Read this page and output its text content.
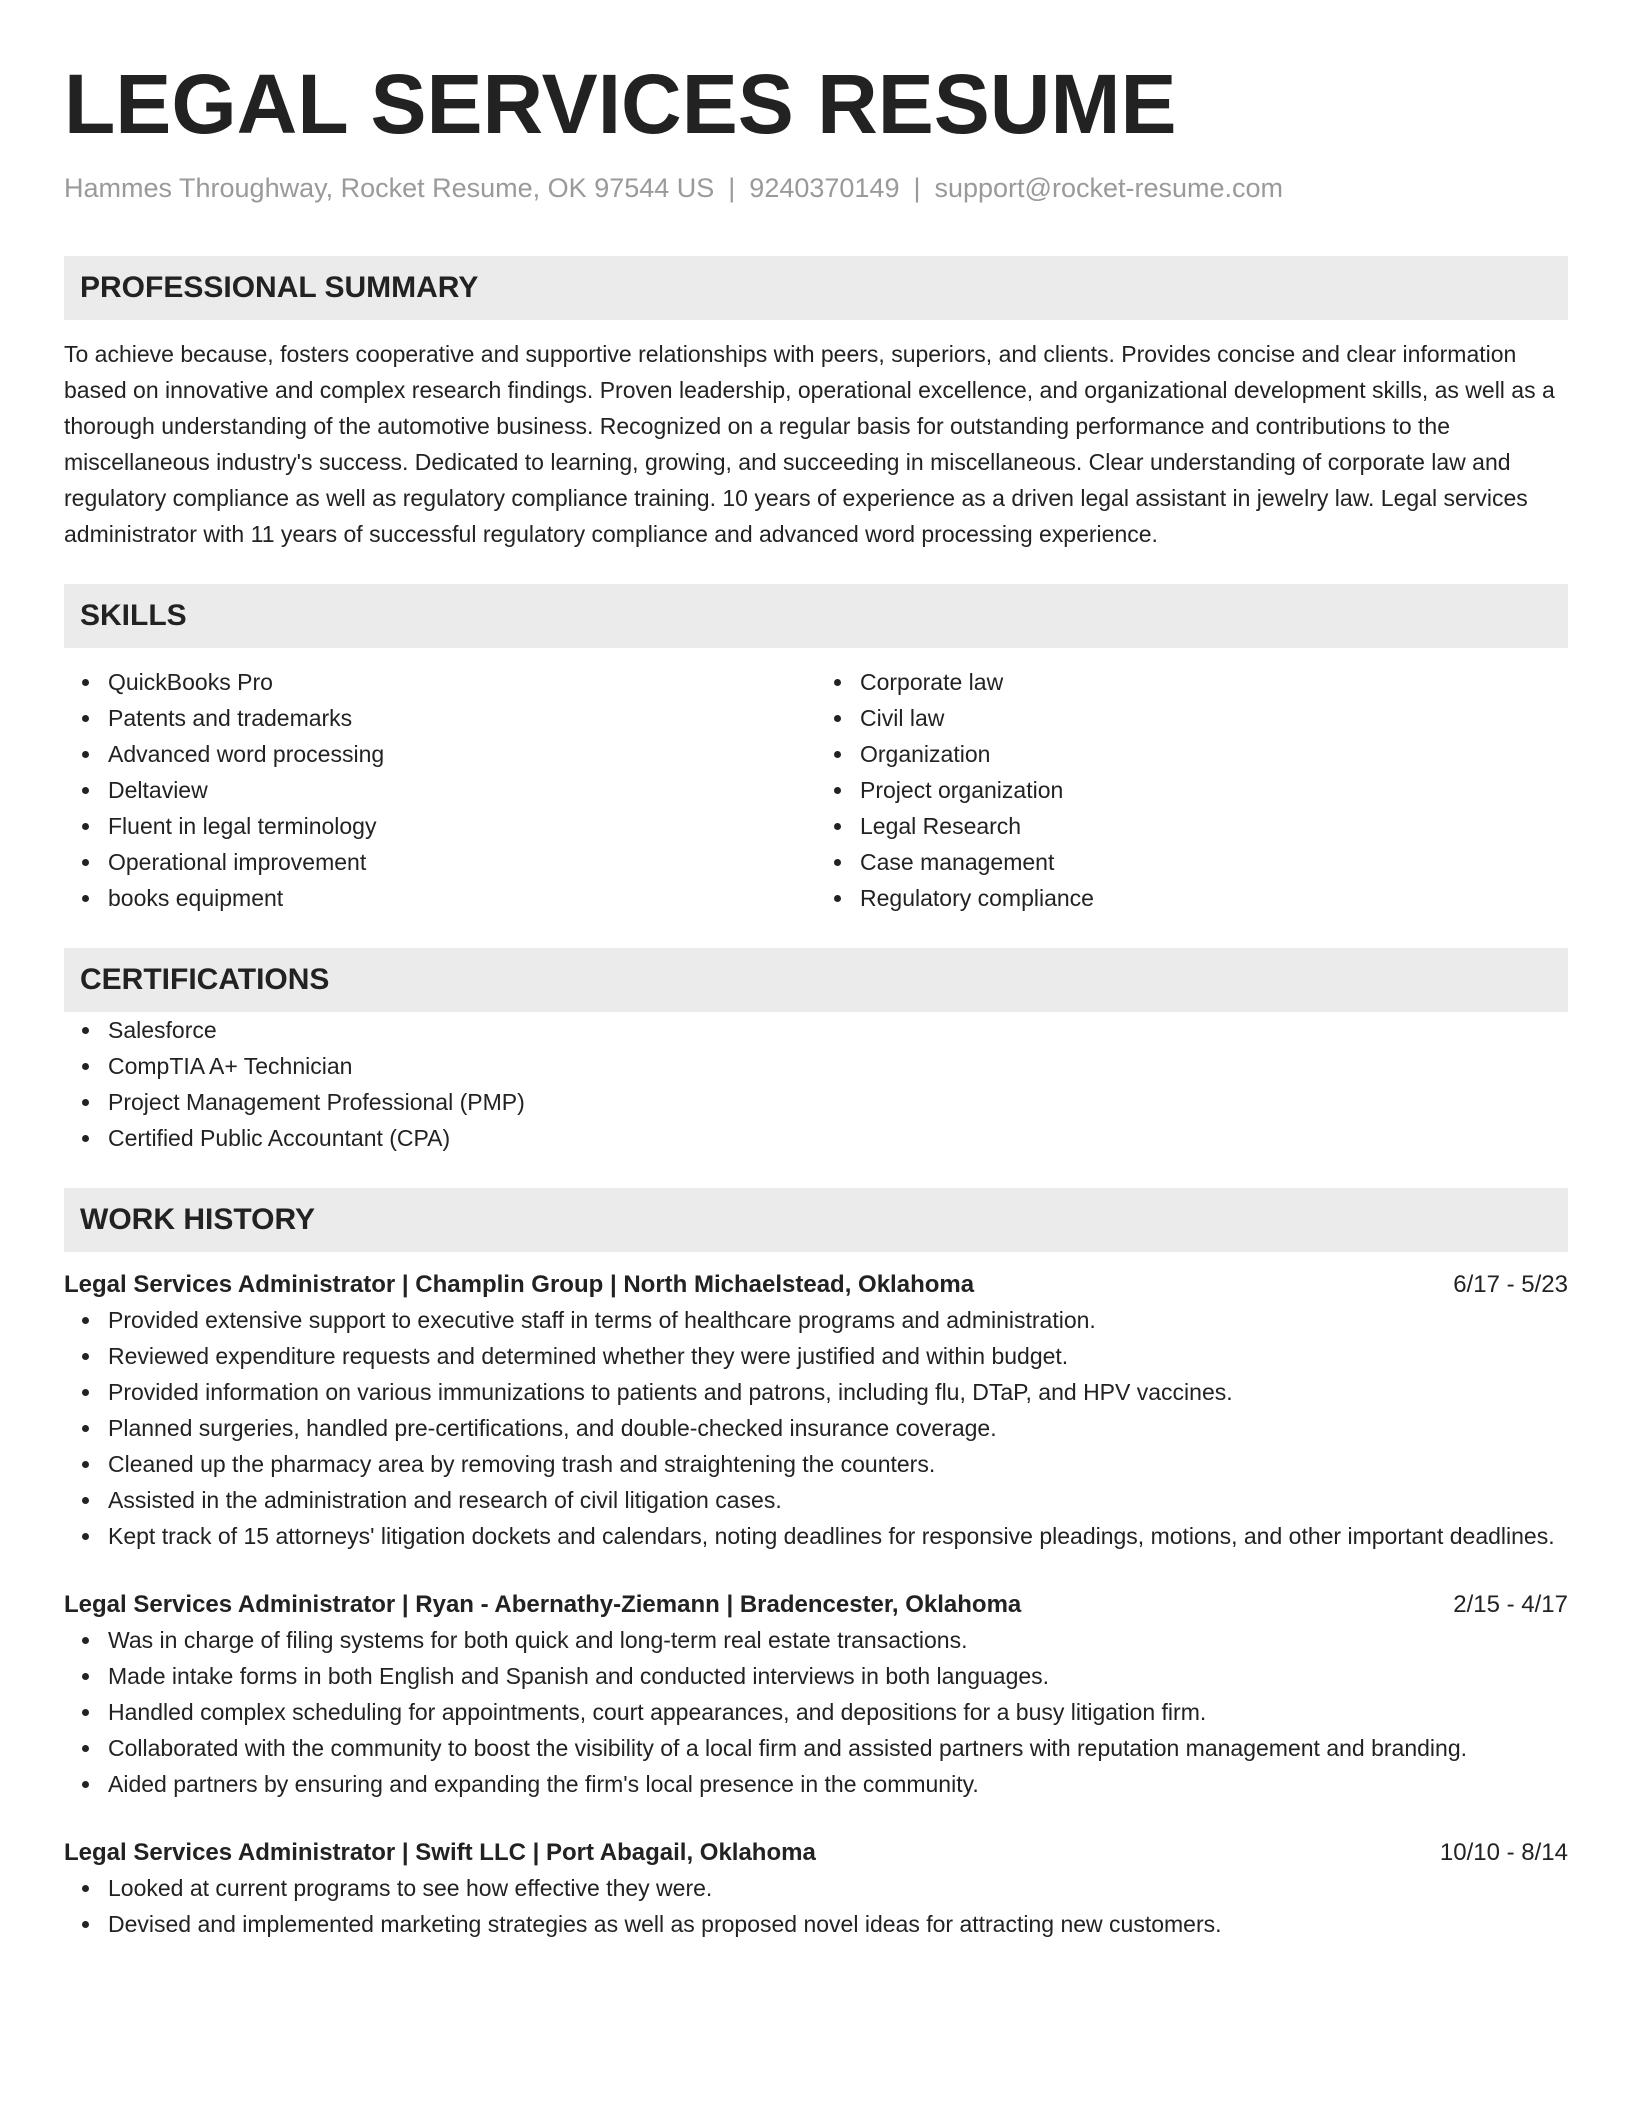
LEGAL SERVICES RESUME
Hammes Throughway, Rocket Resume, OK 97544 US | 9240370149 | support@rocket-resume.com
PROFESSIONAL SUMMARY

To achieve because, fosters cooperative and supportive relationships with peers, superiors, and clients. Provides concise and clear information based on innovative and complex research findings. Proven leadership, operational excellence, and organizational development skills, as well as a thorough understanding of the automotive business. Recognized on a regular basis for outstanding performance and contributions to the miscellaneous industry's success. Dedicated to learning, growing, and succeeding in miscellaneous. Clear understanding of corporate law and regulatory compliance as well as regulatory compliance training. 10 years of experience as a driven legal assistant in jewelry law. Legal services administrator with 11 years of successful regulatory compliance and advanced word processing experience.

SKILLS
QuickBooks Pro
Patents and trademarks
Advanced word processing
Deltaview
Fluent in legal terminology
Operational improvement
books equipment
Corporate law
Civil law
Organization
Project organization
Legal Research
Case management
Regulatory compliance
CERTIFICATIONS
Salesforce
CompTIA A+ Technician
Project Management Professional (PMP)
Certified Public Accountant (CPA)
WORK HISTORY
Legal Services Administrator | Champlin Group | North Michaelstead, Oklahoma	6/17 - 5/23
Provided extensive support to executive staff in terms of healthcare programs and administration.
Reviewed expenditure requests and determined whether they were justified and within budget.
Provided information on various immunizations to patients and patrons, including flu, DTaP, and HPV vaccines.
Planned surgeries, handled pre-certifications, and double-checked insurance coverage.
Cleaned up the pharmacy area by removing trash and straightening the counters.
Assisted in the administration and research of civil litigation cases.
Kept track of 15 attorneys' litigation dockets and calendars, noting deadlines for responsive pleadings, motions, and other important deadlines.
Legal Services Administrator | Ryan - Abernathy-Ziemann | Bradencester, Oklahoma	2/15 - 4/17
Was in charge of filing systems for both quick and long-term real estate transactions.
Made intake forms in both English and Spanish and conducted interviews in both languages.
Handled complex scheduling for appointments, court appearances, and depositions for a busy litigation firm.
Collaborated with the community to boost the visibility of a local firm and assisted partners with reputation management and branding.
Aided partners by ensuring and expanding the firm's local presence in the community.
Legal Services Administrator | Swift LLC | Port Abagail, Oklahoma	10/10 - 8/14
Looked at current programs to see how effective they were.
Devised and implemented marketing strategies as well as proposed novel ideas for attracting new customers.
